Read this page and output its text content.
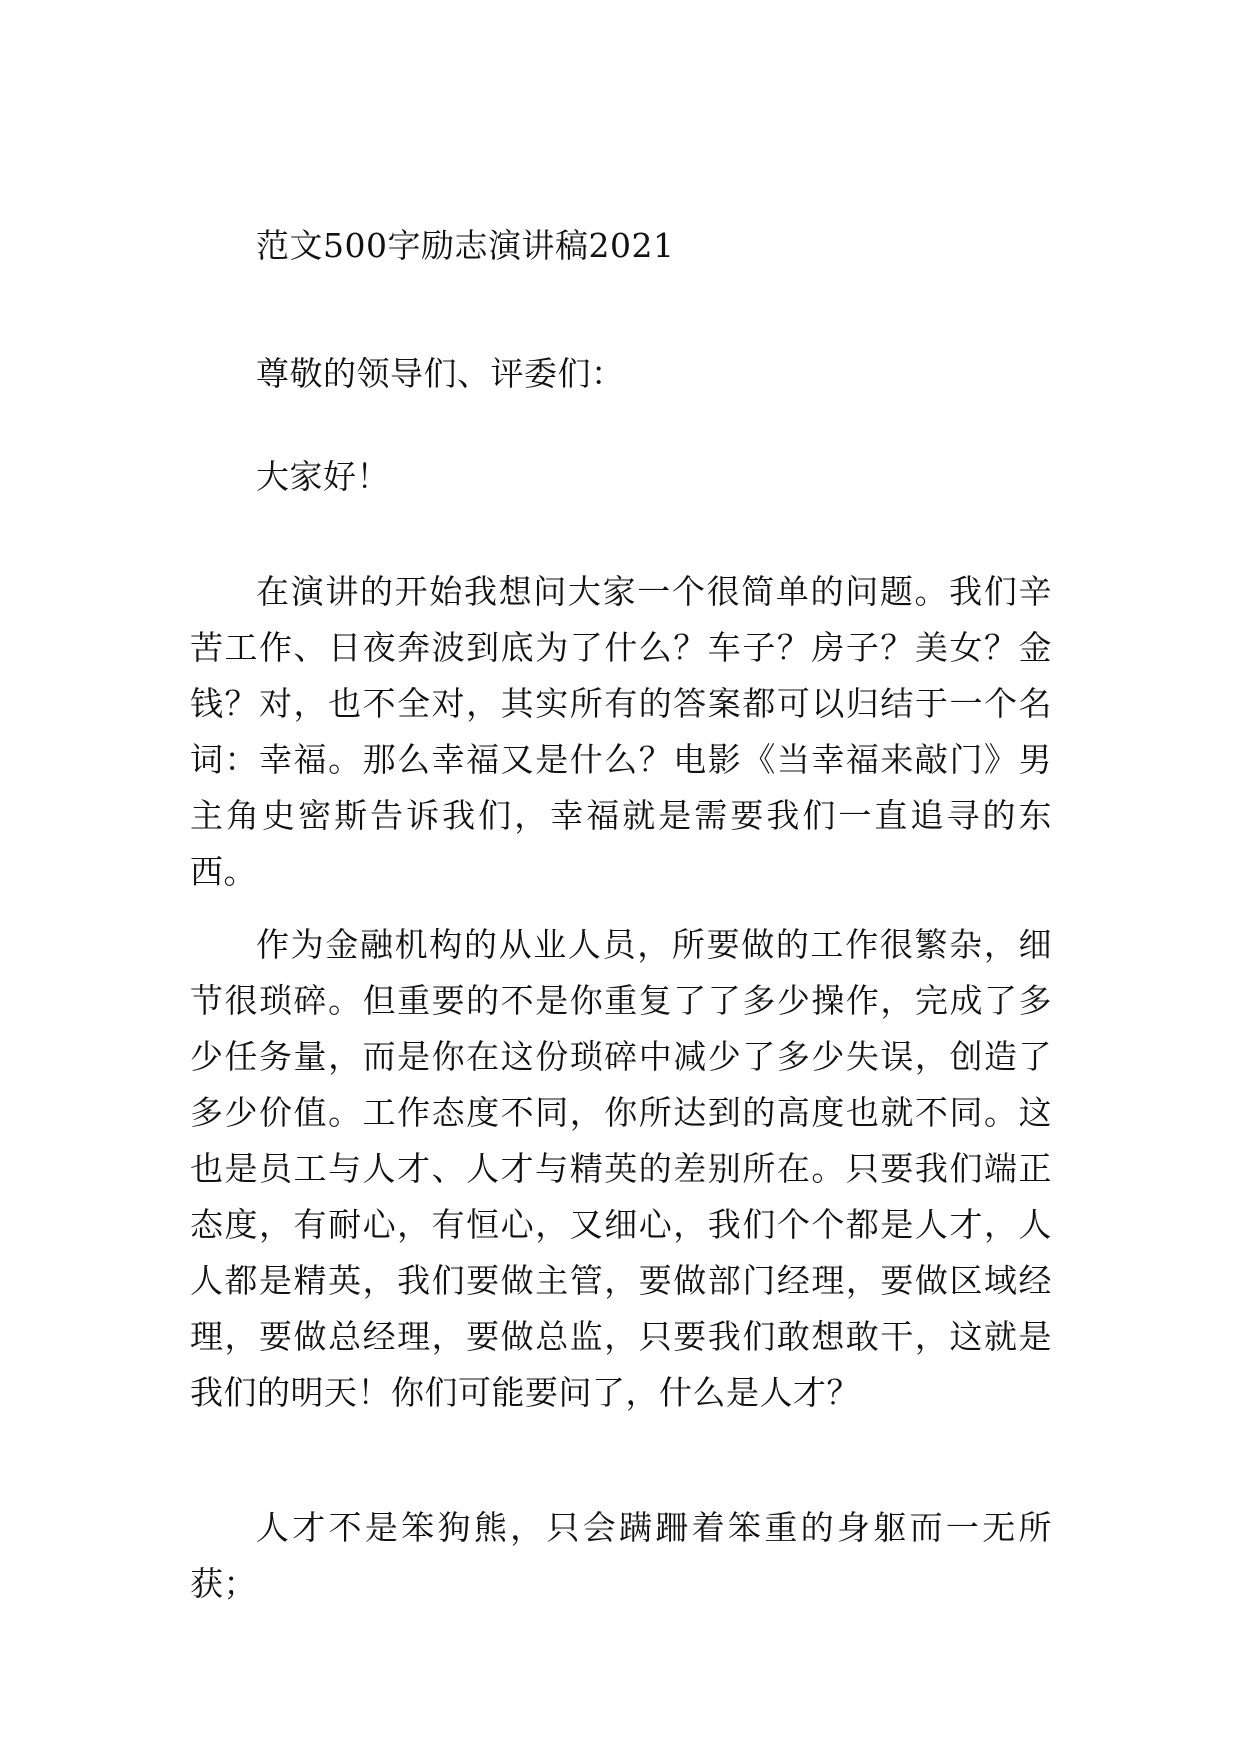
范文500字励志演讲稿2021

尊敬的领导们、评委们：

大家好！

在演讲的开始我想问大家一个很简单的问题。我们辛苦工作、日夜奔波到底为了什么？车子？房子？美女？金钱？对，也不全对，其实所有的答案都可以归结于一个名词：幸福。那么幸福又是什么？电影《当幸福来敲门》男主角史密斯告诉我们，幸福就是需要我们一直追寻的东西。

作为金融机构的从业人员，所要做的工作很繁杂，细节很琐碎。但重要的不是你重复了了多少操作，完成了多少任务量，而是你在这份琐碎中减少了多少失误，创造了多少价值。工作态度不同，你所达到的高度也就不同。这也是员工与人才、人才与精英的差别所在。只要我们端正态度，有耐心，有恒心，又细心，我们个个都是人才，人人都是精英，我们要做主管，要做部门经理，要做区域经理，要做总经理，要做总监，只要我们敢想敢干，这就是我们的明天！你们可能要问了，什么是人才？

人才不是笨狗熊，只会蹒跚着笨重的身躯而一无所获；
